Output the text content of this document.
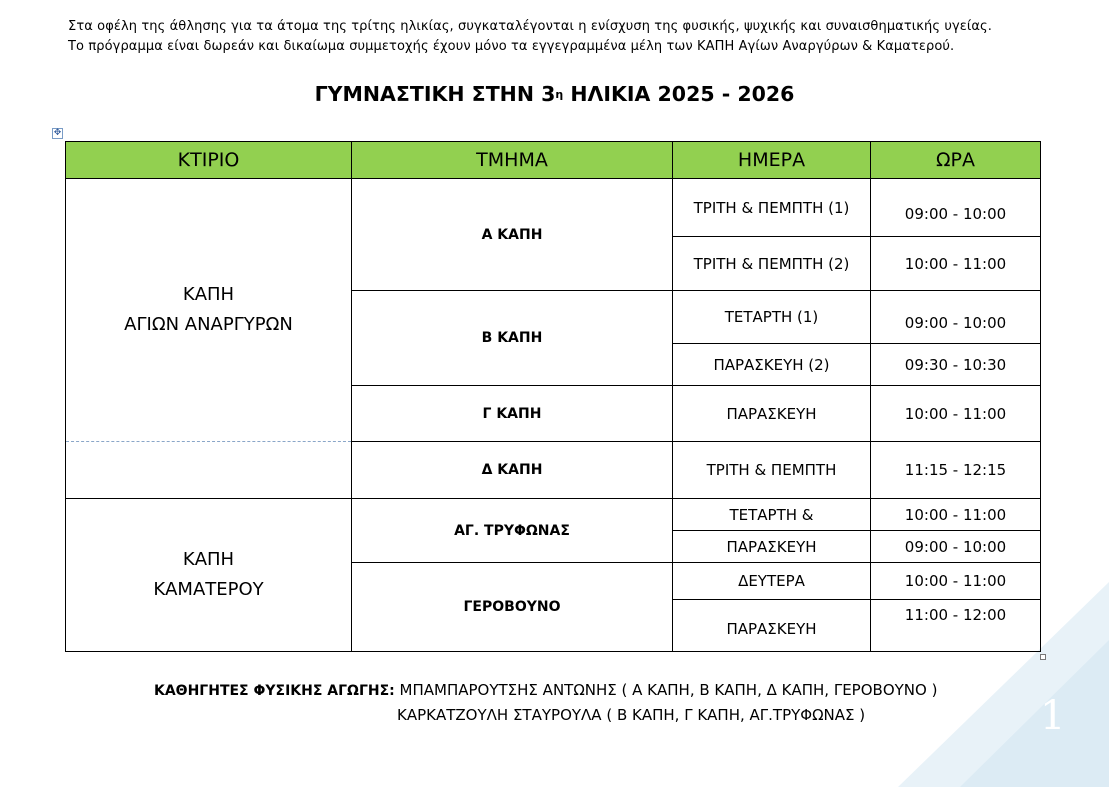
Στα οφέλη της άθλησης για τα άτομα της τρίτης ηλικίας, συγκαταλέγονται η ενίσχυση της φυσικής, ψυχικής και συναισθηματικής υγείας.
Το πρόγραμμα είναι δωρεάν και δικαίωμα συμμετοχής έχουν μόνο τα εγγεγραμμένα μέλη των ΚΑΠΗ Αγίων Αναργύρων & Καματερού.
ΓΥΜΝΑΣΤΙΚΗ ΣΤΗΝ $3^\eta$ ΗΛΙΚΙΑ 2025 - 2026
✥
ΚΤΙΡΙΟ	ΤΜΗΜΑ	ΗΜΕΡΑ	ΩΡΑ

ΚΑΠΗ
ΑΓΙΩΝ ΑΝΑΡΓΥΡΩΝ	Α ΚΑΠΗ	ΤΡΙΤΗ & ΠΕΜΠΤΗ (1)	09:00 - 10:00
		ΤΡΙΤΗ & ΠΕΜΠΤΗ (2)	10:00 - 11:00
	Β ΚΑΠΗ	ΤΕΤΑΡΤΗ (1)	09:00 - 10:00
		ΠΑΡΑΣΚΕΥΗ (2)	09:30 - 10:30
	Γ ΚΑΠΗ	ΠΑΡΑΣΚΕΥΗ	10:00 - 11:00
	Δ ΚΑΠΗ	ΤΡΙΤΗ & ΠΕΜΠΤΗ	11:15 - 12:15

ΚΑΠΗ
ΚΑΜΑΤΕΡΟΥ	ΑΓ. ΤΡΥΦΩΝΑΣ	ΤΕΤΑΡΤΗ &	10:00 - 11:00
		ΠΑΡΑΣΚΕΥΗ	09:00 - 10:00
	ΓΕΡΟΒΟΥΝΟ	ΔΕΥΤΕΡΑ	10:00 - 11:00
		ΠΑΡΑΣΚΕΥΗ	11:00 - 12:00
ΚΑΘΗΓΗΤΕΣ ΦΥΣΙΚΗΣ ΑΓΩΓΗΣ: ΜΠΑΜΠΑΡΟΥΤΣΗΣ ΑΝΤΩΝΗΣ ( Α ΚΑΠΗ, Β ΚΑΠΗ, Δ ΚΑΠΗ, ΓΕΡΟΒΟΥΝΟ )
ΚΑΡΚΑΤΖΟΥΛΗ ΣΤΑΥΡΟΥΛΑ ( Β ΚΑΠΗ, Γ ΚΑΠΗ, ΑΓ.ΤΡΥΦΩΝΑΣ )	1
